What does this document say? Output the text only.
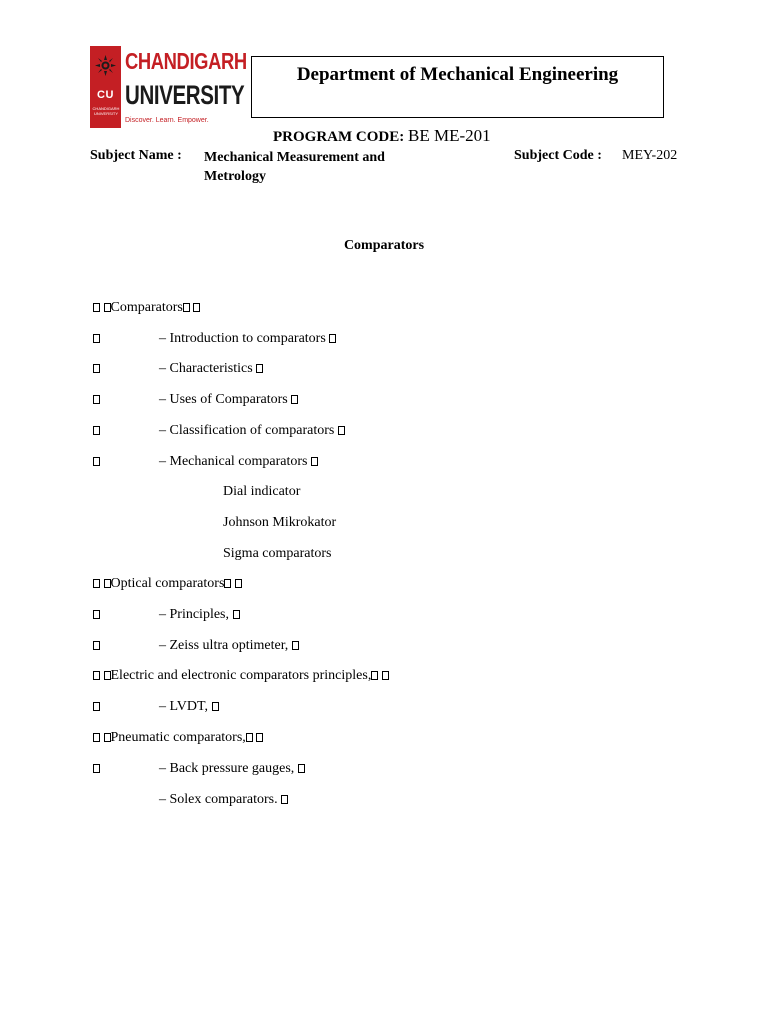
CU
CHANDIGARH UNIVERSITY
CHANDIGARH
UNIVERSITY
Discover. Learn. Empower.
Department of Mechanical Engineering
PROGRAM CODE: BE ME-201
Subject Name : Mechanical Measurement and Metrology
Subject Code : MEY-202
Comparators
Comparators
– Introduction to comparators
– Characteristics
– Uses of Comparators
– Classification of comparators
– Mechanical comparators
Dial indicator
Johnson Mikrokator
Sigma comparators
Optical comparators
– Principles,
– Zeiss ultra optimeter,
Electric and electronic comparators principles,
– LVDT,
Pneumatic comparators,
– Back pressure gauges,
– Solex comparators.
